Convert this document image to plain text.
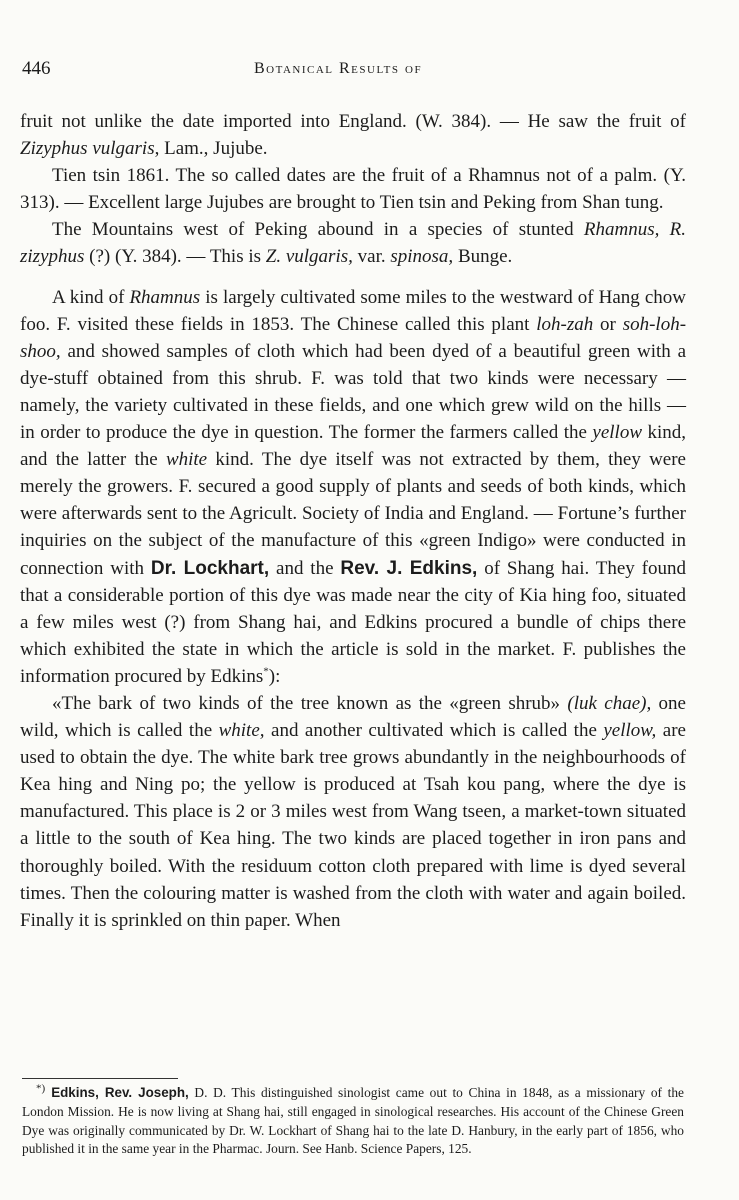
446	Botanical Results of

fruit not unlike the date imported into England. (W. 384). — He saw the fruit of Zizyphus vulgaris, Lam., Jujube.

Tien tsin 1861. The so called dates are the fruit of a Rhamnus not of a palm. (Y. 313). — Excellent large Jujubes are brought to Tien tsin and Peking from Shan tung.

The Mountains west of Peking abound in a species of stunted Rhamnus, R. zizyphus (?) (Y. 384). — This is Z. vulgaris, var. spinosa, Bunge.

A kind of Rhamnus is largely cultivated some miles to the westward of Hang chow foo. F. visited these fields in 1853. The Chinese called this plant loh-zah or soh-loh-shoo, and showed samples of cloth which had been dyed of a beautiful green with a dye-stuff obtained from this shrub. F. was told that two kinds were necessary — namely, the variety cultivated in these fields, and one which grew wild on the hills — in order to produce the dye in question. The former the farmers called the yellow kind, and the latter the white kind. The dye itself was not extracted by them, they were merely the growers. F. secured a good supply of plants and seeds of both kinds, which were afterwards sent to the Agricult. Society of India and England. — Fortune’s further inquiries on the subject of the manufacture of this «green Indigo» were conducted in connection with Dr. Lockhart, and the Rev. J. Edkins, of Shang hai. They found that a considerable portion of this dye was made near the city of Kia hing foo, situated a few miles west (?) from Shang hai, and Edkins procured a bundle of chips there which exhibited the state in which the article is sold in the market. F. publishes the information procured by Edkins*):

«The bark of two kinds of the tree known as the «green shrub» (luk chae), one wild, which is called the white, and another cultivated which is called the yellow, are used to obtain the dye. The white bark tree grows abundantly in the neighbourhoods of Kea hing and Ning po; the yellow is produced at Tsah kou pang, where the dye is manufactured. This place is 2 or 3 miles west from Wang tseen, a market-town situated a little to the south of Kea hing. The two kinds are placed together in iron pans and thoroughly boiled. With the residuum cotton cloth prepared with lime is dyed several times. Then the colouring matter is washed from the cloth with water and again boiled. Finally it is sprinkled on thin paper. When

*) Edkins, Rev. Joseph, D. D. This distinguished sinologist came out to China in 1848, as a missionary of the London Mission. He is now living at Shang hai, still engaged in sinological researches. His account of the Chinese Green Dye was originally communicated by Dr. W. Lockhart of Shang hai to the late D. Hanbury, in the early part of 1856, who published it in the same year in the Pharmac. Journ. See Hanb. Science Papers, 125.
